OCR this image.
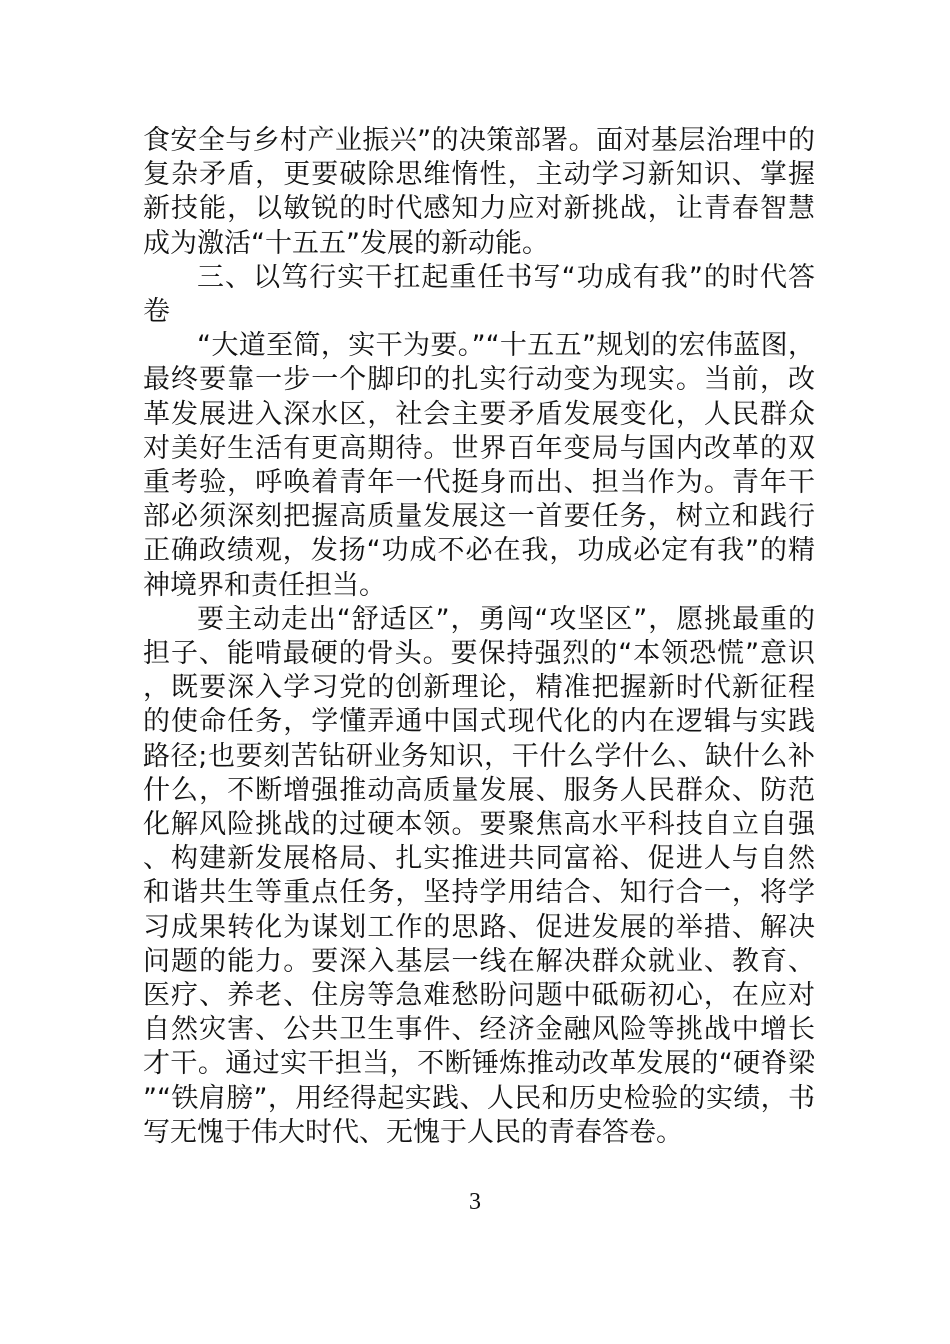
食安全与乡村产业振兴”的决策部署。面对基层治理中的复杂矛盾，更要破除思维惰性，主动学习新知识、掌握新技能，以敏锐的时代感知力应对新挑战，让青春智慧成为激活“十五五”发展的新动能。

三、以笃行实干扛起重任书写“功成有我”的时代答卷

“大道至简，实干为要。”“十五五”规划的宏伟蓝图，最终要靠一步一个脚印的扎实行动变为现实。当前，改革发展进入深水区，社会主要矛盾发展变化，人民群众对美好生活有更高期待。世界百年变局与国内改革的双重考验，呼唤着青年一代挺身而出、担当作为。青年干部必须深刻把握高质量发展这一首要任务，树立和践行正确政绩观，发扬“功成不必在我，功成必定有我”的精神境界和责任担当。

要主动走出“舒适区”，勇闯“攻坚区”，愿挑最重的担子、能啃最硬的骨头。要保持强烈的“本领恐慌”意识，既要深入学习党的创新理论，精准把握新时代新征程的使命任务，学懂弄通中国式现代化的内在逻辑与实践路径;也要刻苦钻研业务知识，干什么学什么、缺什么补什么，不断增强推动高质量发展、服务人民群众、防范化解风险挑战的过硬本领。要聚焦高水平科技自立自强、构建新发展格局、扎实推进共同富裕、促进人与自然和谐共生等重点任务，坚持学用结合、知行合一，将学习成果转化为谋划工作的思路、促进发展的举措、解决问题的能力。要深入基层一线在解决群众就业、教育、医疗、养老、住房等急难愁盼问题中砥砺初心，在应对自然灾害、公共卫生事件、经济金融风险等挑战中增长才干。通过实干担当，不断锤炼推动改革发展的“硬脊梁”“铁肩膀”，用经得起实践、人民和历史检验的实绩，书写无愧于伟大时代、无愧于人民的青春答卷。

3
